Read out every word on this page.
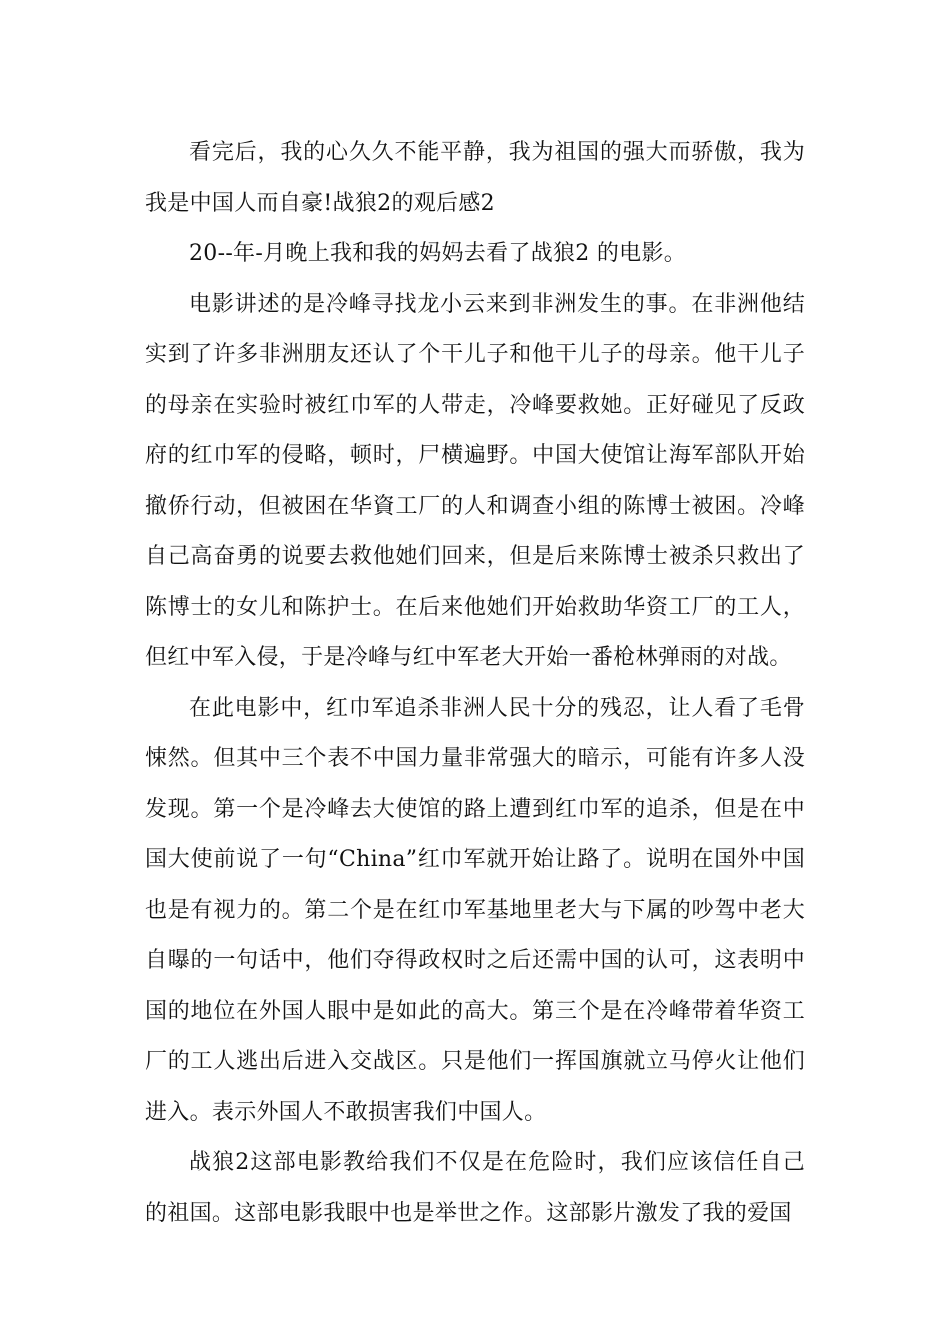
看完后，我的心久久不能平静，我为祖国的强大而骄傲，我为我是中国人而自豪!战狼2的观后感2

20--年-月晚上我和我的妈妈去看了战狼2 的电影。

电影讲述的是冷峰寻找龙小云来到非洲发生的事。在非洲他结实到了许多非洲朋友还认了个干儿子和他干儿子的母亲。他干儿子的母亲在实验时被红巾军的人带走，冷峰要救她。正好碰见了反政府的红巾军的侵略，顿时，尸横遍野。中国大使馆让海军部队开始撤侨行动，但被困在华資工厂的人和调查小组的陈博士被困。冷峰自己高奋勇的说要去救他她们回来，但是后来陈博士被杀只救出了陈博士的女儿和陈护士。在后来他她们开始救助华资工厂的工人，但红中军入侵，于是冷峰与红中军老大开始一番枪林弹雨的对战。

在此电影中，红巾军追杀非洲人民十分的残忍，让人看了毛骨悚然。但其中三个表不中国力量非常强大的暗示，可能有许多人没发现。第一个是冷峰去大使馆的路上遭到红巾军的追杀，但是在中国大使前说了一句“China”红巾军就开始让路了。说明在国外中国也是有视力的。第二个是在红巾军基地里老大与下属的吵驾中老大自曝的一句话中，他们夺得政权时之后还需中国的认可，这表明中国的地位在外国人眼中是如此的高大。第三个是在冷峰带着华资工厂的工人逃出后进入交战区。只是他们一挥国旗就立马停火让他们进入。表示外国人不敢损害我们中国人。

战狼2这部电影教给我们不仅是在危险时，我们应该信任自己的祖国。这部电影我眼中也是举世之作。这部影片激发了我的爱国
